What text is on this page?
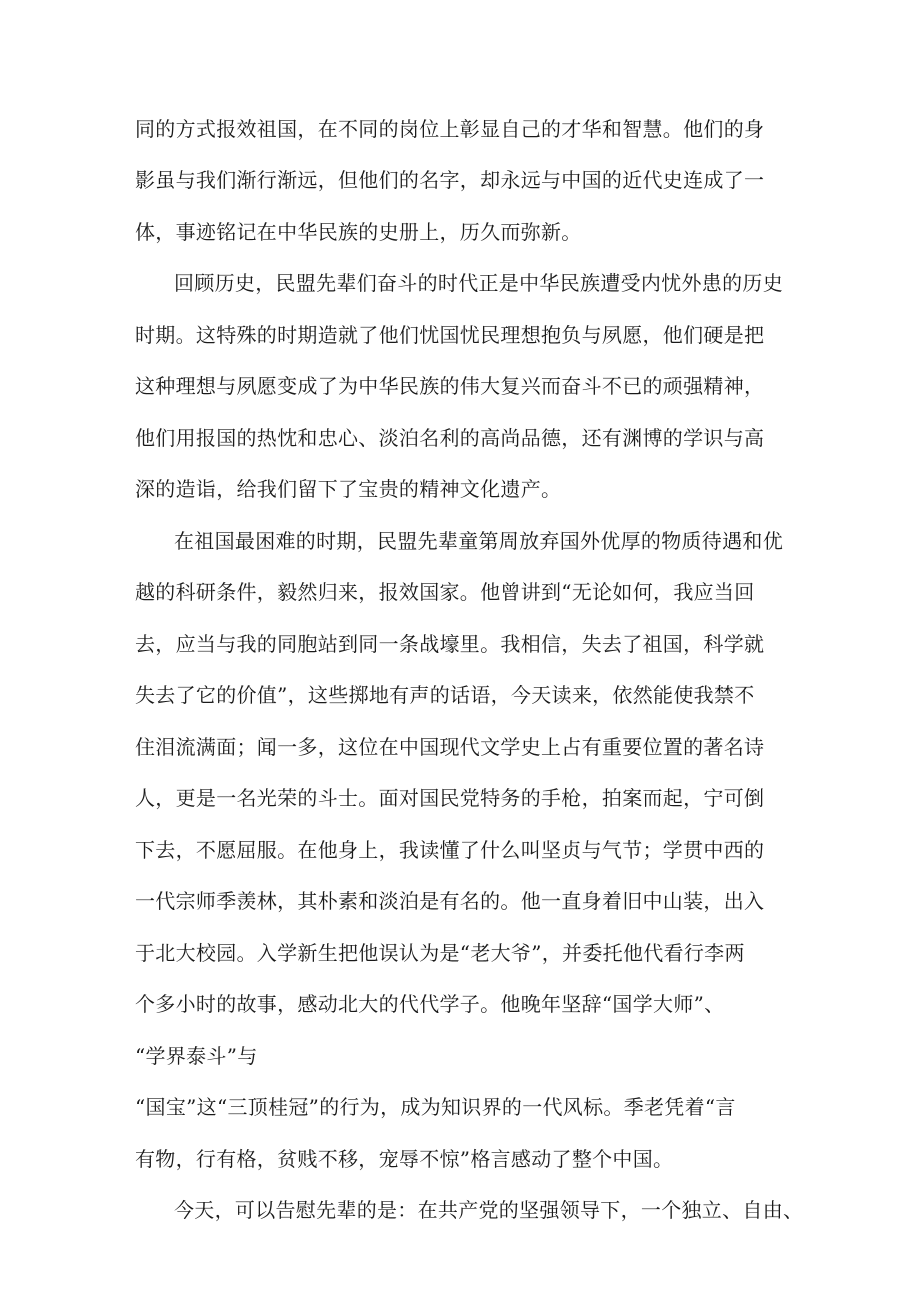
同的方式报效祖国，在不同的岗位上彰显自己的才华和智慧。他们的身
影虽与我们渐行渐远，但他们的名字，却永远与中国的近代史连成了一
体，事迹铭记在中华民族的史册上，历久而弥新。
回顾历史，民盟先辈们奋斗的时代正是中华民族遭受内忧外患的历史
时期。这特殊的时期造就了他们忧国忧民理想抱负与夙愿，他们硬是把
这种理想与夙愿变成了为中华民族的伟大复兴而奋斗不已的顽强精神，
他们用报国的热忱和忠心、淡泊名利的高尚品德，还有渊博的学识与高
深的造诣，给我们留下了宝贵的精神文化遗产。
在祖国最困难的时期，民盟先辈童第周放弃国外优厚的物质待遇和优
越的科研条件，毅然归来，报效国家。他曾讲到“无论如何，我应当回
去，应当与我的同胞站到同一条战壕里。我相信，失去了祖国，科学就
失去了它的价值”，这些掷地有声的话语，今天读来，依然能使我禁不
住泪流满面；闻一多，这位在中国现代文学史上占有重要位置的著名诗
人，更是一名光荣的斗士。面对国民党特务的手枪，拍案而起，宁可倒
下去，不愿屈服。在他身上，我读懂了什么叫坚贞与气节；学贯中西的
一代宗师季羡林，其朴素和淡泊是有名的。他一直身着旧中山装，出入
于北大校园。入学新生把他误认为是“老大爷”，并委托他代看行李两
个多小时的故事，感动北大的代代学子。他晚年坚辞“国学大师”、
“学界泰斗”与
“国宝”这“三顶桂冠”的行为，成为知识界的一代风标。季老凭着“言
有物，行有格，贫贱不移，宠辱不惊”格言感动了整个中国。
今天，可以告慰先辈的是：在共产党的坚强领导下，一个独立、自由、
